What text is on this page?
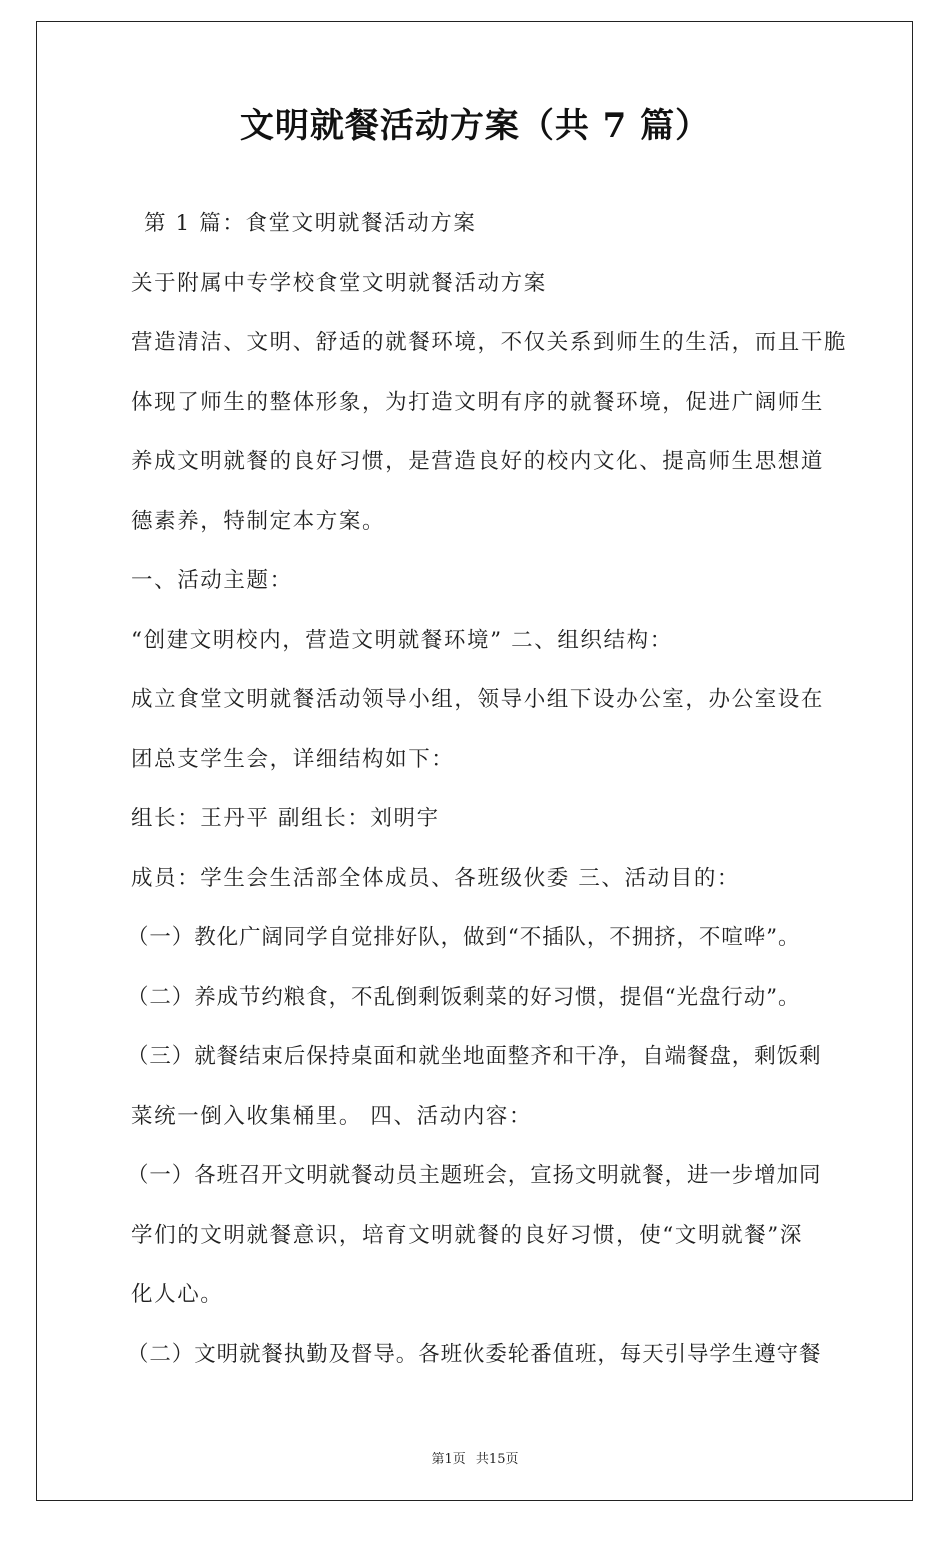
文明就餐活动方案（共 7 篇）
第 1 篇：食堂文明就餐活动方案
关于附属中专学校食堂文明就餐活动方案
营造清洁、文明、舒适的就餐环境，不仅关系到师生的生活，而且干脆
体现了师生的整体形象，为打造文明有序的就餐环境，促进广阔师生
养成文明就餐的良好习惯，是营造良好的校内文化、提高师生思想道
德素养，特制定本方案。
一、活动主题：
“创建文明校内，营造文明就餐环境” 二、组织结构：
成立食堂文明就餐活动领导小组，领导小组下设办公室，办公室设在
团总支学生会，详细结构如下：
组长：王丹平 副组长：刘明宇
成员：学生会生活部全体成员、各班级伙委 三、活动目的：
（一）教化广阔同学自觉排好队，做到“不插队，不拥挤，不喧哗”。
（二）养成节约粮食，不乱倒剩饭剩菜的好习惯，提倡“光盘行动”。
（三）就餐结束后保持桌面和就坐地面整齐和干净，自端餐盘，剩饭剩
菜统一倒入收集桶里。 四、活动内容：
（一）各班召开文明就餐动员主题班会，宣扬文明就餐，进一步增加同
学们的文明就餐意识，培育文明就餐的良好习惯，使“文明就餐”深
化人心。
（二）文明就餐执勤及督导。各班伙委轮番值班，每天引导学生遵守餐
第1页 共15页
